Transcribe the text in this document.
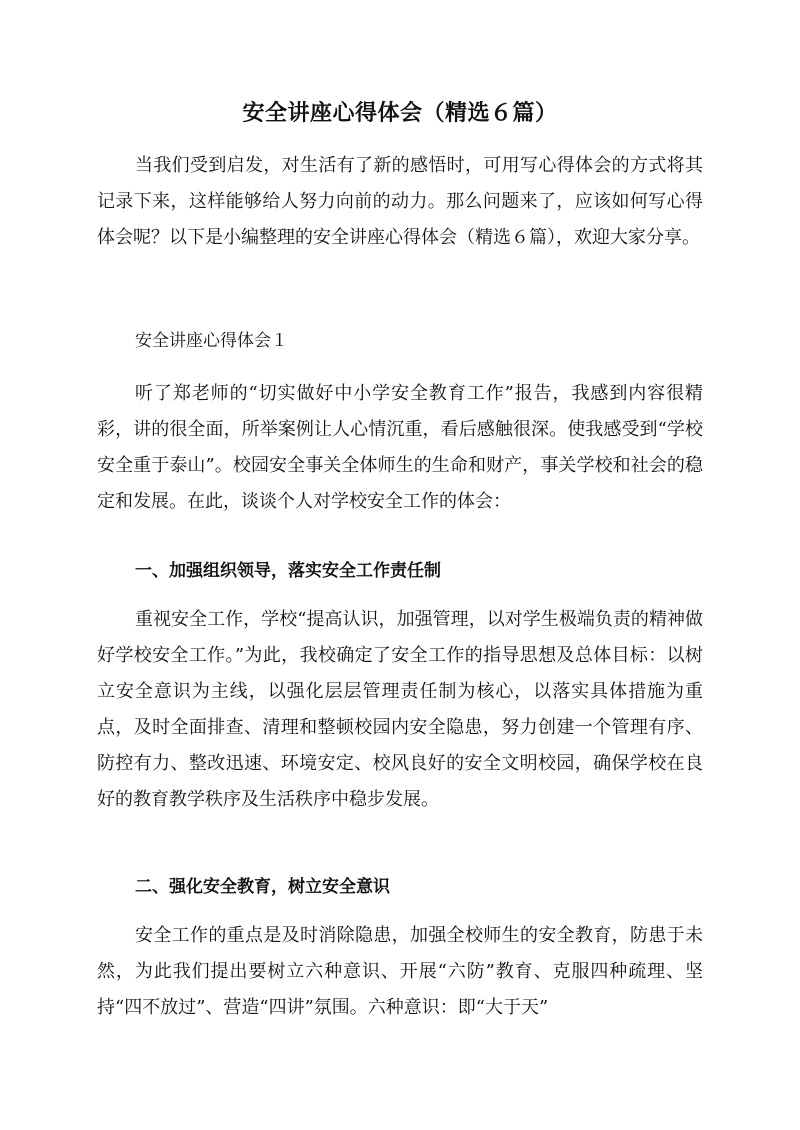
安全讲座心得体会（精选６篇）

当我们受到启发，对生活有了新的感悟时，可用写心得体会的方式将其记录下来，这样能够给人努力向前的动力。那么问题来了，应该如何写心得体会呢？以下是小编整理的安全讲座心得体会（精选６篇），欢迎大家分享。

安全讲座心得体会１

听了郑老师的“切实做好中小学安全教育工作”报告，我感到内容很精彩，讲的很全面，所举案例让人心情沉重，看后感触很深。使我感受到“学校安全重于泰山”。校园安全事关全体师生的生命和财产，事关学校和社会的稳定和发展。在此，谈谈个人对学校安全工作的体会：

一、加强组织领导，落实安全工作责任制

重视安全工作，学校“提高认识，加强管理，以对学生极端负责的精神做好学校安全工作。”为此，我校确定了安全工作的指导思想及总体目标：以树立安全意识为主线，以强化层层管理责任制为核心，以落实具体措施为重点，及时全面排查、清理和整顿校园内安全隐患，努力创建一个管理有序、防控有力、整改迅速、环境安定、校风良好的安全文明校园，确保学校在良好的教育教学秩序及生活秩序中稳步发展。

二、强化安全教育，树立安全意识

安全工作的重点是及时消除隐患，加强全校师生的安全教育，防患于未然，为此我们提出要树立六种意识、开展“六防”教育、克服四种疏理、坚持“四不放过”、营造“四讲”氛围。六种意识：即“大于天”
